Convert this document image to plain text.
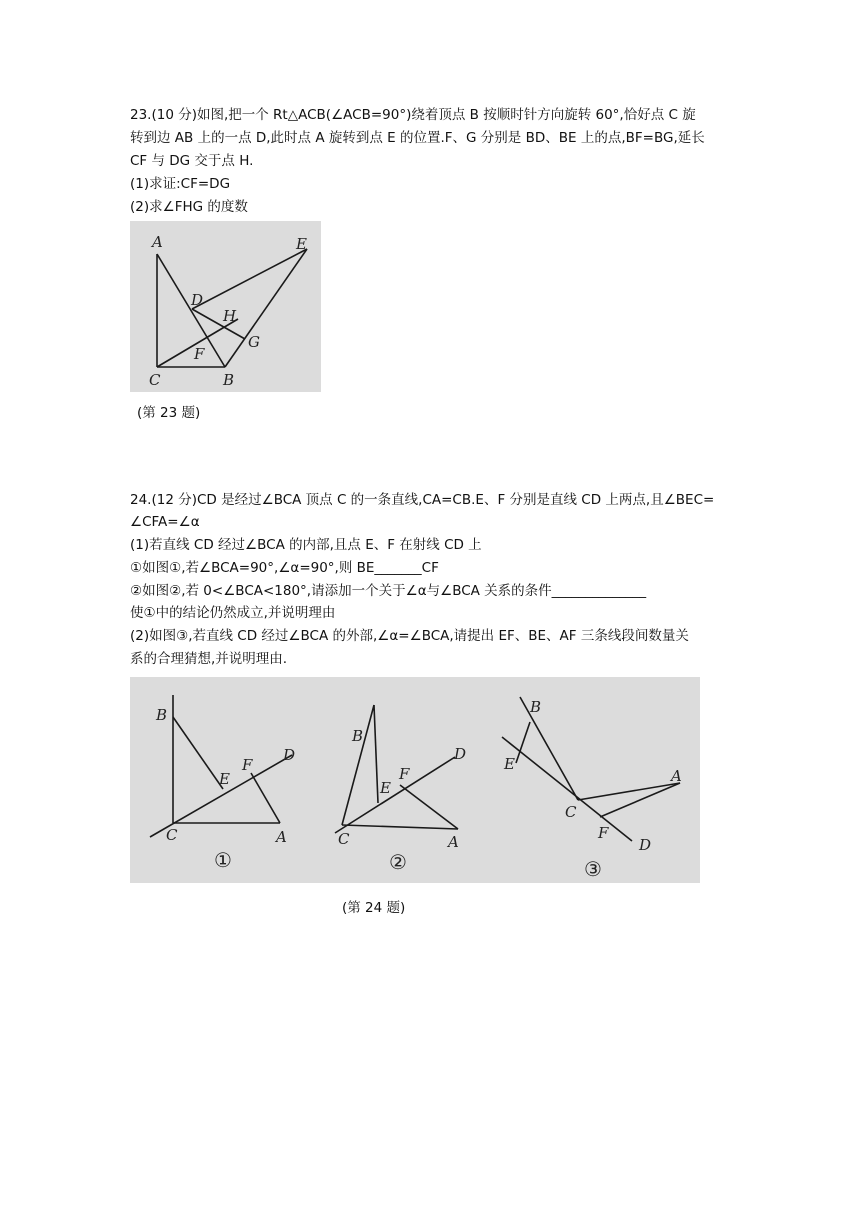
23.(10 分)如图,把一个 Rt△ACB(∠ACB=90°)绕着顶点 B 按顺时针方向旋转 60°,恰好点 C 旋
转到边 AB 上的一点 D,此时点 A 旋转到点 E 的位置.F、G 分别是 BD、BE 上的点,BF=BG,延长
CF 与 DG 交于点 H.
(1)求证:CF=DG
(2)求∠FHG 的度数
A	E
D
H
G
F
C	B
(第 23 题)
24.(12 分)CD 是经过∠BCA 顶点 C 的一条直线,CA=CB.E、F 分别是直线 CD 上两点,且∠BEC=
∠CFA=∠α
(1)若直线 CD 经过∠BCA 的内部,且点 E、F 在射线 CD 上
①如图①,若∠BCA=90°,∠α=90°,则 BE_______CF
②如图②,若 0<∠BCA<180°,请添加一个关于∠α与∠BCA 关系的条件______________
使①中的结论仍然成立,并说明理由
(2)如图③,若直线 CD 经过∠BCA 的外部,∠α=∠BCA,请提出 EF、BE、AF 三条线段间数量关
系的合理猜想,并说明理由.
B
D
F
E
C	A
①
B
D
F
E
C	A
②
B
E
C
A
F
D
③
(第 24 题)
